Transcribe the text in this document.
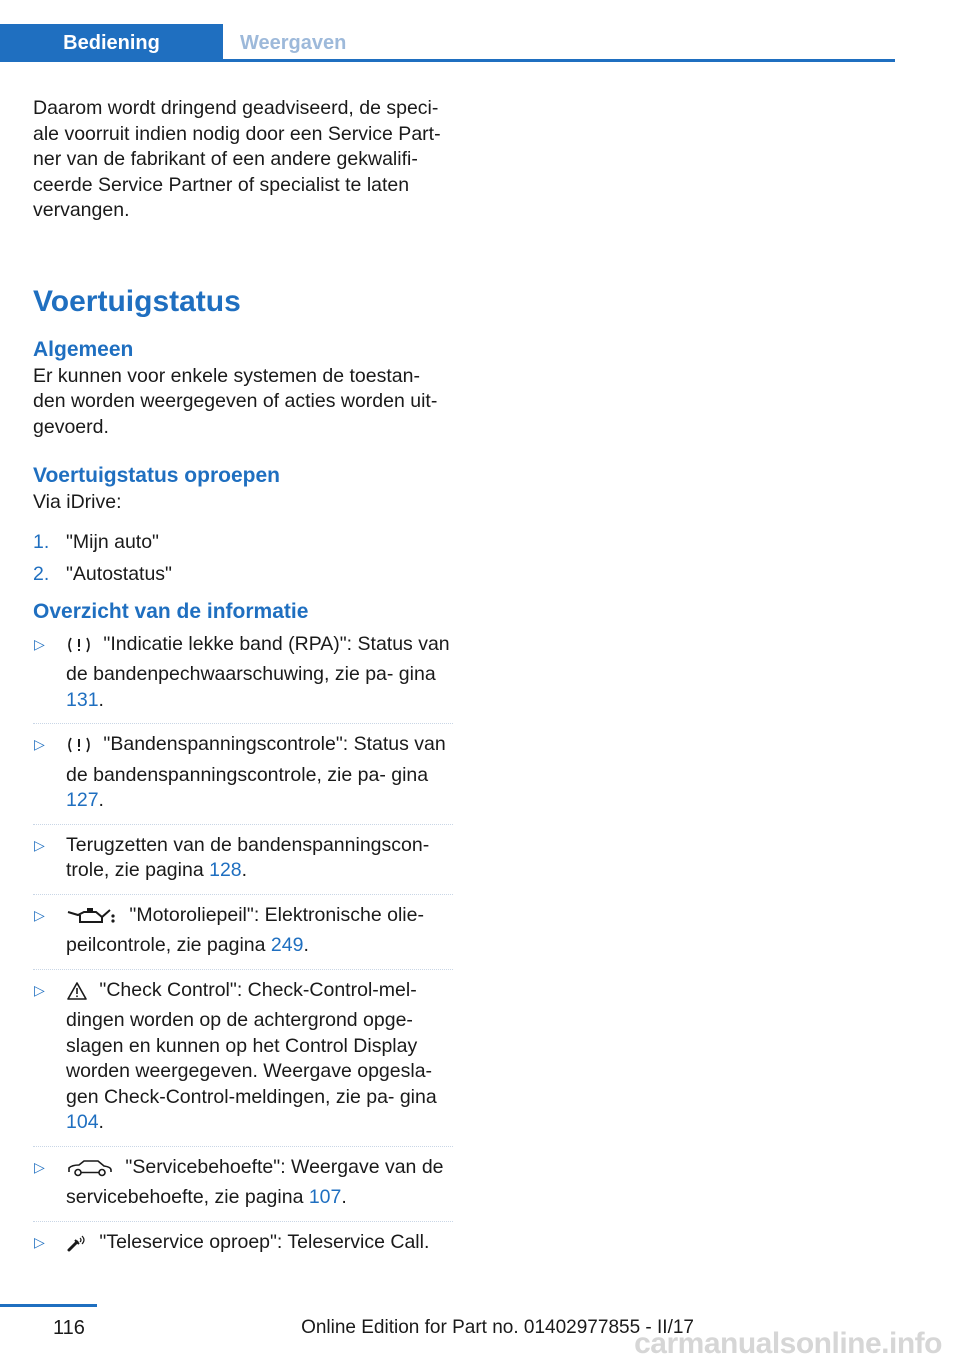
Bediening	Weergaven

Daarom wordt dringend geadviseerd, de speci‐ ale voorruit indien nodig door een Service Part‐ ner van de fabrikant of een andere gekwalifi‐ ceerde Service Partner of specialist te laten vervangen.

Voertuigstatus
Algemeen

Er kunnen voor enkele systemen de toestan‐ den worden weergegeven of acties worden uit‐ gevoerd.

Voertuigstatus oproepen

Via iDrive:

1. "Mijn auto"
2. "Autostatus"
Overzicht van de informatie
▷	"Indicatie lekke band (RPA)": Status van de bandenpechwaarschuwing, zie pa‐ gina 131.
▷	"Bandenspanningscontrole": Status van de bandenspanningscontrole, zie pa‐ gina 127.
▷ Terugzetten van de bandenspanningscon‐ trole, zie pagina 128.
▷	"Motoroliepeil": Elektronische olie‐ peilcontrole, zie pagina 249.
▷	"Check Control": Check-Control-mel‐ dingen worden op de achtergrond opge‐ slagen en kunnen op het Control Display worden weergegeven. Weergave opgesla‐ gen Check-Control-meldingen, zie pa‐ gina 104.
▷	"Servicebehoefte": Weergave van de servicebehoefte, zie pagina 107.
▷	"Teleservice oproep": Teleservice Call.
116	Online Edition for Part no. 01402977855 - II/17
carmanualsonline.info
